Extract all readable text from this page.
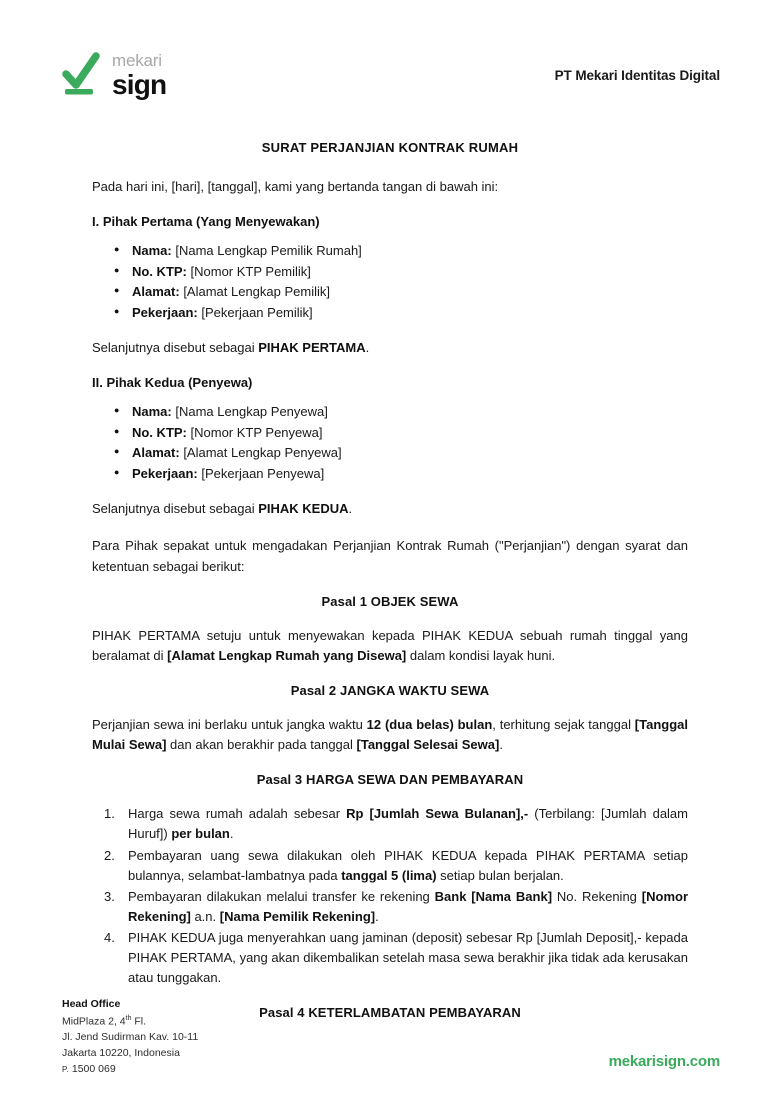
mekari
sign	PT Mekari Identitas Digital
SURAT PERJANJIAN KONTRAK RUMAH

Pada hari ini, [hari], [tanggal], kami yang bertanda tangan di bawah ini:

I. Pihak Pertama (Yang Menyewakan)
● Nama: [Nama Lengkap Pemilik Rumah]
● No. KTP: [Nomor KTP Pemilik]
● Alamat: [Alamat Lengkap Pemilik]
● Pekerjaan: [Pekerjaan Pemilik]

Selanjutnya disebut sebagai PIHAK PERTAMA.

II. Pihak Kedua (Penyewa)
● Nama: [Nama Lengkap Penyewa]
● No. KTP: [Nomor KTP Penyewa]
● Alamat: [Alamat Lengkap Penyewa]
● Pekerjaan: [Pekerjaan Penyewa]

Selanjutnya disebut sebagai PIHAK KEDUA.

Para Pihak sepakat untuk mengadakan Perjanjian Kontrak Rumah ("Perjanjian") dengan syarat dan ketentuan sebagai berikut:

Pasal 1 OBJEK SEWA

PIHAK PERTAMA setuju untuk menyewakan kepada PIHAK KEDUA sebuah rumah tinggal yang beralamat di [Alamat Lengkap Rumah yang Disewa] dalam kondisi layak huni.

Pasal 2 JANGKA WAKTU SEWA

Perjanjian sewa ini berlaku untuk jangka waktu 12 (dua belas) bulan, terhitung sejak tanggal [Tanggal Mulai Sewa] dan akan berakhir pada tanggal [Tanggal Selesai Sewa].

Pasal 3 HARGA SEWA DAN PEMBAYARAN
Harga sewa rumah adalah sebesar Rp [Jumlah Sewa Bulanan],- (Terbilang: [Jumlah dalam Huruf]) per bulan.
Pembayaran uang sewa dilakukan oleh PIHAK KEDUA kepada PIHAK PERTAMA setiap bulannya, selambat-lambatnya pada tanggal 5 (lima) setiap bulan berjalan.
Pembayaran dilakukan melalui transfer ke rekening Bank [Nama Bank] No. Rekening [Nomor Rekening] a.n. [Nama Pemilik Rekening].
PIHAK KEDUA juga menyerahkan uang jaminan (deposit) sebesar Rp [Jumlah Deposit],- kepada PIHAK PERTAMA, yang akan dikembalikan setelah masa sewa berakhir jika tidak ada kerusakan atau tunggakan.
Pasal 4 KETERLAMBATAN PEMBAYARAN
Head Office
MidPlaza 2, 4th Fl.
Jl. Jend Sudirman Kav. 10-11
Jakarta 10220, Indonesia
P. 1500 069	mekarisign.com
